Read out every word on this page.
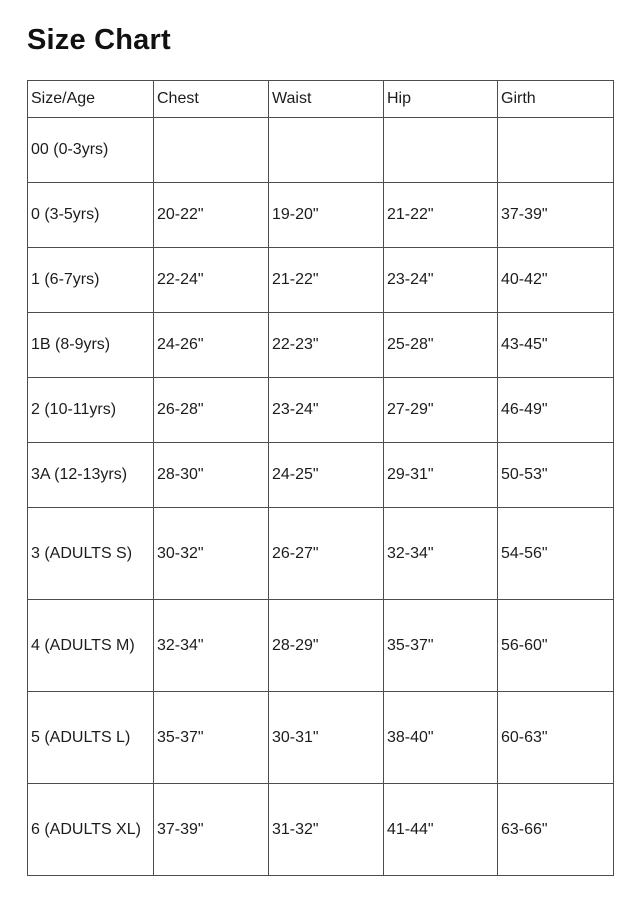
Size Chart
Size/Age	Chest	Waist	Hip	Girth
00 (0-3yrs)				
0 (3-5yrs)	20-22"	19-20"	21-22"	37-39"
1 (6-7yrs)	22-24"	21-22"	23-24"	40-42"
1B (8-9yrs)	24-26"	22-23"	25-28"	43-45"
2 (10-11yrs)	26-28"	23-24"	27-29"	46-49"
3A (12-13yrs)	28-30"	24-25"	29-31"	50-53"
3 (ADULTS S)	30-32"	26-27"	32-34"	54-56"
4 (ADULTS M)	32-34"	28-29"	35-37"	56-60"
5 (ADULTS L)	35-37"	30-31"	38-40"	60-63"
6 (ADULTS XL)	37-39"	31-32"	41-44"	63-66"
